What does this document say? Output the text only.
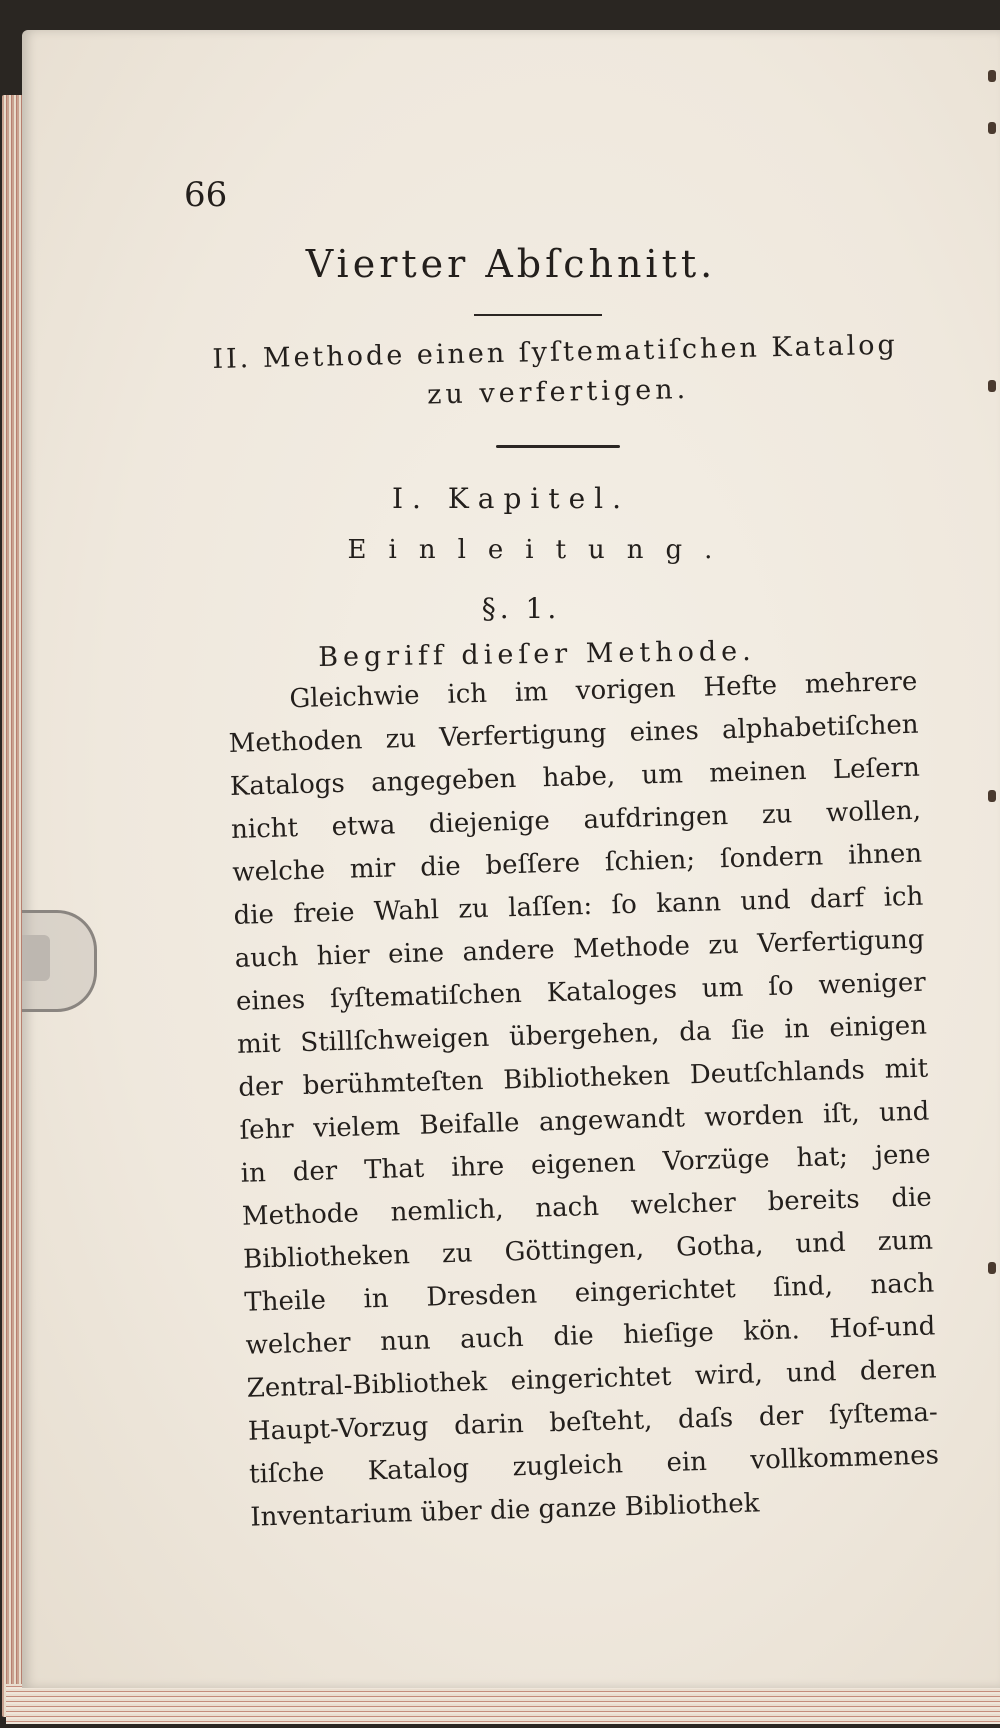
66
Vierter Abſchnitt.
II. Methode einen ſyſtematiſchen Katalog
zu verfertigen.
I. Kapitel.
Einleitung.
§. 1.
Begriff dieſer Methode.
Gleichwie ich im vorigen Hefte mehrere
Methoden zu Verfertigung eines alphabetiſchen
Katalogs angegeben habe, um meinen Leſern
nicht etwa diejenige aufdringen zu wollen,
welche mir die beſſere ſchien; ſondern ihnen
die freie Wahl zu laſſen: ſo kann und darf ich
auch hier eine andere Methode zu Verfertigung
eines ſyſtematiſchen Kataloges um ſo weniger
mit Stillſchweigen übergehen, da ſie in einigen
der berühmteſten Bibliotheken Deutſchlands mit
ſehr vielem Beifalle angewandt worden iſt, und
in der That ihre eigenen Vorzüge hat; jene
Methode nemlich, nach welcher bereits die
Bibliotheken zu Göttingen, Gotha, und zum
Theile in Dresden eingerichtet ſind, nach
welcher nun auch die hieſige kön. Hof-und
Zentral-Bibliothek eingerichtet wird, und deren
Haupt-Vorzug darin beſteht, daſs der ſyſtema-
tiſche Katalog zugleich ein vollkommenes
Inventarium über die ganze Bibliothek
